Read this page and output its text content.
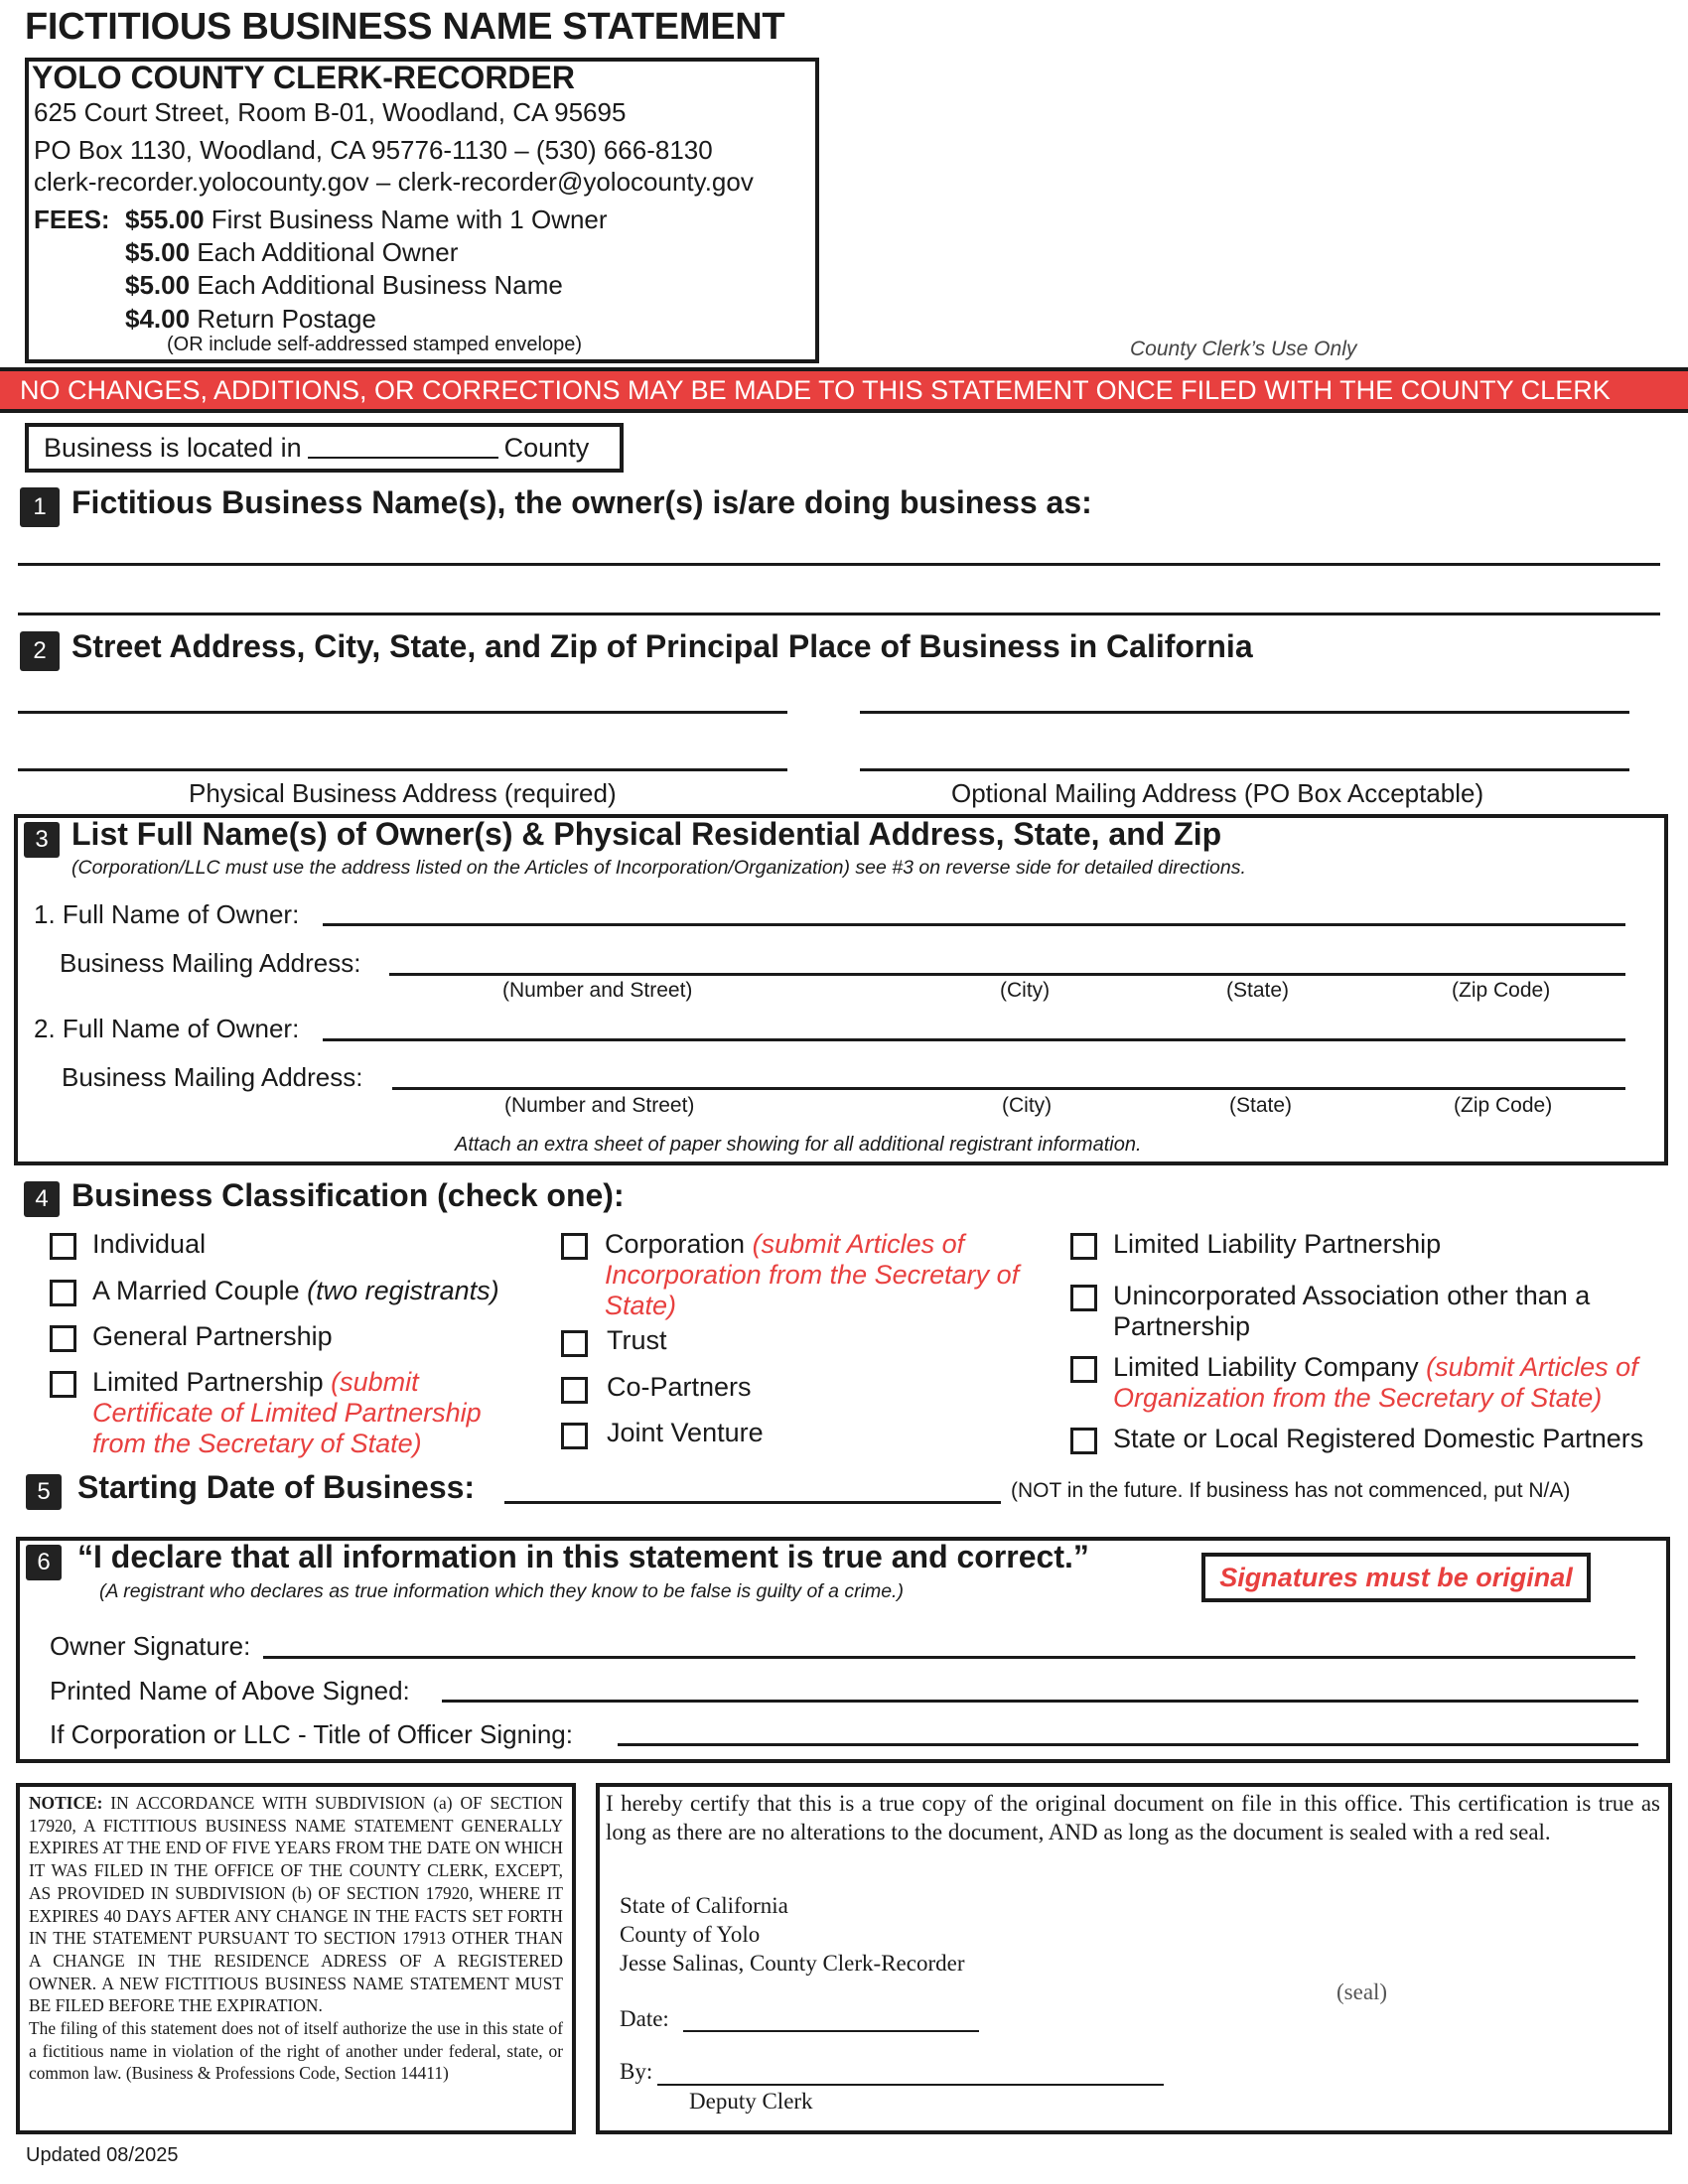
FICTITIOUS BUSINESS NAME STATEMENT
YOLO COUNTY CLERK-RECORDER
625 Court Street, Room B-01, Woodland, CA 95695
PO Box 1130, Woodland, CA 95776-1130 – (530) 666-8130
clerk-recorder.yolocounty.gov – clerk-recorder@yolocounty.gov
FEES: $55.00 First Business Name with 1 Owner
$5.00 Each Additional Owner
$5.00 Each Additional Business Name
$4.00 Return Postage
(OR include self-addressed stamped envelope)	County Clerk’s Use Only
NO CHANGES, ADDITIONS, OR CORRECTIONS MAY BE MADE TO THIS STATEMENT ONCE FILED WITH THE COUNTY CLERK
Business is located in	County
1 Fictitious Business Name(s), the owner(s) is/are doing business as:
2 Street Address, City, State, and Zip of Principal Place of Business in California
Physical Business Address (required)	Optional Mailing Address (PO Box Acceptable)
3 List Full Name(s) of Owner(s) & Physical Residential Address, State, and Zip
(Corporation/LLC must use the address listed on the Articles of Incorporation/Organization) see #3 on reverse side for detailed directions.
1. Full Name of Owner:
Business Mailing Address:
(Number and Street)	(City)	(State)	(Zip Code)
2. Full Name of Owner:
Business Mailing Address:
(Number and Street)	(City)	(State)	(Zip Code)
Attach an extra sheet of paper showing for all additional registrant information.
4 Business Classification (check one):
Individual
A Married Couple (two registrants)
General Partnership
Limited Partnership (submit
Certificate of Limited Partnership
from the Secretary of State)
Corporation (submit Articles of
Incorporation from the Secretary of
State)
Trust
Co-Partners
Joint Venture
Limited Liability Partnership
Unincorporated Association other than a
Partnership
Limited Liability Company (submit Articles of
Organization from the Secretary of State)
State or Local Registered Domestic Partners
5 Starting Date of Business:	(NOT in the future. If business has not commenced, put N/A)
6 “I declare that all information in this statement is true and correct.”
(A registrant who declares as true information which they know to be false is guilty of a crime.)	Signatures must be original
Owner Signature:
Printed Name of Above Signed:
If Corporation or LLC - Title of Officer Signing:
NOTICE: IN ACCORDANCE WITH SUBDIVISION (a) OF SECTION 17920, A FICTITIOUS BUSINESS NAME STATEMENT GENERALLY EXPIRES AT THE END OF FIVE YEARS FROM THE DATE ON WHICH IT WAS FILED IN THE OFFICE OF THE COUNTY CLERK, EXCEPT, AS PROVIDED IN SUBDIVISION (b) OF SECTION 17920, WHERE IT EXPIRES 40 DAYS AFTER ANY CHANGE IN THE FACTS SET FORTH IN THE STATEMENT PURSUANT TO SECTION 17913 OTHER THAN A CHANGE IN THE RESIDENCE ADRESS OF A REGISTERED OWNER. A NEW FICTITIOUS BUSINESS NAME STATEMENT MUST BE FILED BEFORE THE EXPIRATION.
The filing of this statement does not of itself authorize the use in this state of a fictitious name in violation of the right of another under federal, state, or common law. (Business & Professions Code, Section 14411)
I hereby certify that this is a true copy of the original document on file in this office. This certification is true as long as there are no alterations to the document, AND as long as the document is sealed with a red seal.
State of California
County of Yolo
Jesse Salinas, County Clerk-Recorder
(seal)
Date:
By:
Deputy Clerk
Updated 08/2025
